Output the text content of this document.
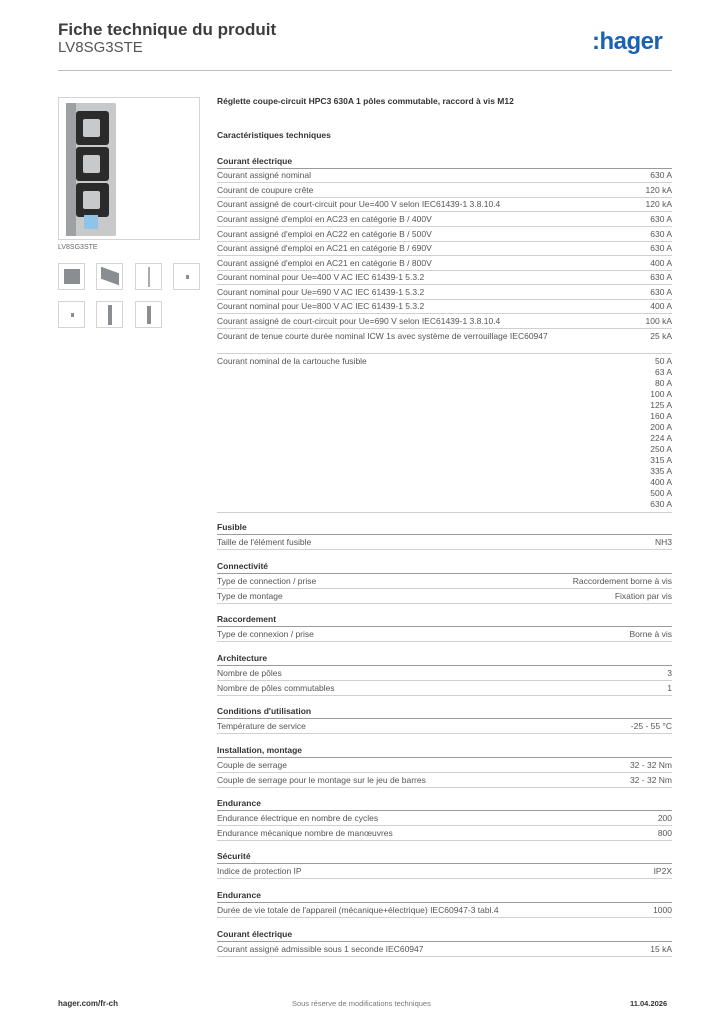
Fiche technique du produit
LV8SG3STE	:hager
LV8SG3STE
Réglette coupe-circuit HPC3 630A 1 pôles commutable, raccord à vis M12
Caractéristiques techniques
Courant électrique
Courant assigné nominal	630 A
Courant de coupure crête	120 kA
Courant assigné de court-circuit pour Ue=400 V selon IEC61439-1 3.8.10.4	120 kA
Courant assigné d'emploi en AC23 en catégorie B / 400V	630 A
Courant assigné d'emploi en AC22 en catégorie B / 500V	630 A
Courant assigné d'emploi en AC21 en catégorie B / 690V	630 A
Courant assigné d'emploi en AC21 en catégorie B / 800V	400 A
Courant nominal pour Ue=400 V AC IEC 61439-1 5.3.2	630 A
Courant nominal pour Ue=690 V AC IEC 61439-1 5.3.2	630 A
Courant nominal pour Ue=800 V AC IEC 61439-1 5.3.2	400 A
Courant assigné de court-circuit pour Ue=690 V selon IEC61439-1 3.8.10.4	100 kA
Courant de tenue courte durée nominal ICW 1s avec système de verrouillage IEC60947	25 kA
Courant nominal de la cartouche fusible	50 A
63 A
80 A
100 A
125 A
160 A
200 A
224 A
250 A
315 A
335 A
400 A
500 A
630 A
Fusible
Taille de l'élément fusible	NH3
Connectivité
Type de connection / prise	Raccordement borne à vis
Type de montage	Fixation par vis
Raccordement
Type de connexion / prise	Borne à vis
Architecture
Nombre de pôles	3
Nombre de pôles commutables	1
Conditions d'utilisation
Température de service	-25 - 55 °C
Installation, montage
Couple de serrage	32 - 32 Nm
Couple de serrage pour le montage sur le jeu de barres	32 - 32 Nm
Endurance
Endurance électrique en nombre de cycles	200
Endurance mécanique nombre de manœuvres	800
Sécurité
Indice de protection IP	IP2X
Endurance
Durée de vie totale de l'appareil (mécanique+électrique) IEC60947-3 tabl.4	1000
Courant électrique
Courant assigné admissible sous 1 seconde IEC60947	15 kA
hager.com/fr-ch	Sous réserve de modifications techniques	11.04.2026
